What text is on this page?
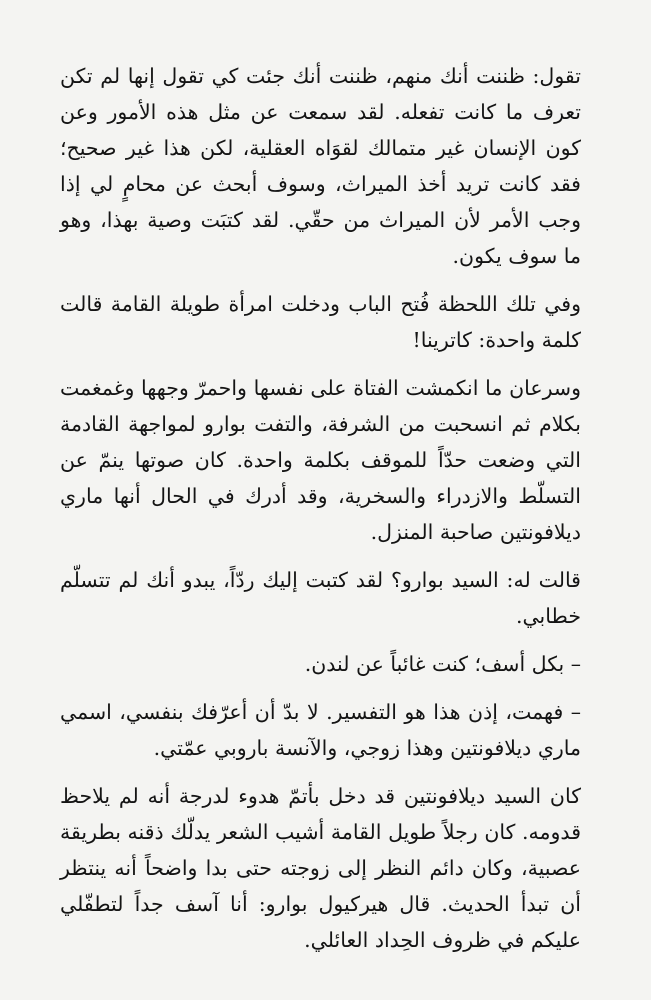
تقول: ظننت أنك منهم، ظننت أنك جئت كي تقول إنها لم تكن تعرف ما كانت تفعله. لقد سمعت عن مثل هذه الأمور وعن كون الإنسان غير متمالك لقوَاه العقلية، لكن هذا غير صحيح؛ فقد كانت تريد أخذ الميراث، وسوف أبحث عن محامٍ لي إذا وجب الأمر لأن الميراث من حقّي. لقد كتبَت وصية بهذا، وهو ما سوف يكون.

وفي تلك اللحظة فُتح الباب ودخلت امرأة طويلة القامة قالت كلمة واحدة: كاترينا!

وسرعان ما انكمشت الفتاة على نفسها واحمرّ وجهها وغمغمت بكلام ثم انسحبت من الشرفة، والتفت بوارو لمواجهة القادمة التي وضعت حدّاً للموقف بكلمة واحدة. كان صوتها ينمّ عن التسلّط والازدراء والسخرية، وقد أدرك في الحال أنها ماري ديلافونتين صاحبة المنزل.

قالت له: السيد بوارو؟ لقد كتبت إليك ردّاً، يبدو أنك لم تتسلّم خطابي.

– بكل أسف؛ كنت غائباً عن لندن.

– فهمت، إذن هذا هو التفسير. لا بدّ أن أعرّفك بنفسي، اسمي ماري ديلافونتين وهذا زوجي، والآنسة باروبي عمّتي.

كان السيد ديلافونتين قد دخل بأتمّ هدوء لدرجة أنه لم يلاحظ قدومه. كان رجلاً طويل القامة أشيب الشعر يدلّك ذقنه بطريقة عصبية، وكان دائم النظر إلى زوجته حتى بدا واضحاً أنه ينتظر أن تبدأ الحديث. قال هيركيول بوارو: أنا آسف جداً لتطفّلي عليكم في ظروف الحِداد العائلي.
